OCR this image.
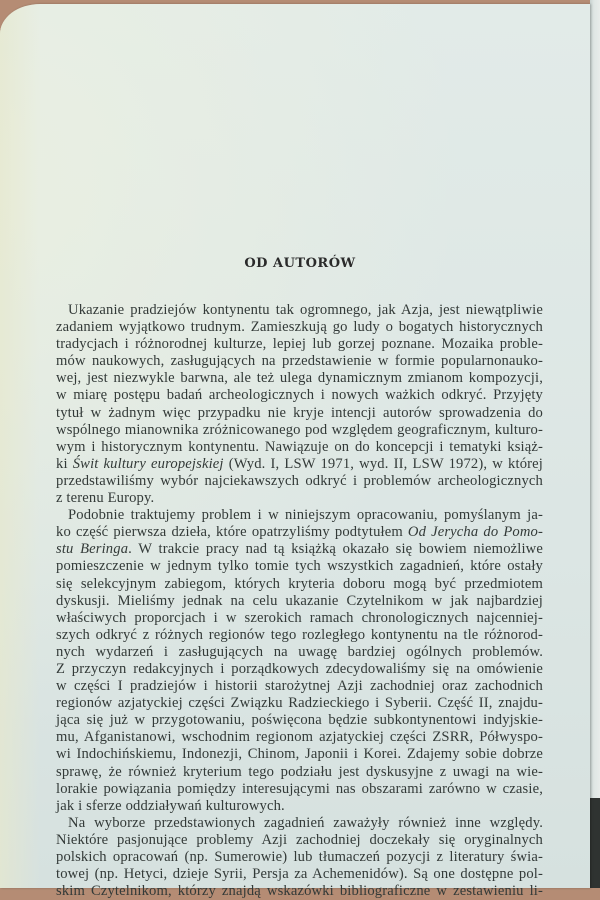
OD AUTORÓW
Ukazanie pradziejów kontynentu tak ogromnego, jak Azja, jest niewątpliwie
zadaniem wyjątkowo trudnym. Zamieszkują go ludy o bogatych historycznych
tradycjach i różnorodnej kulturze, lepiej lub gorzej poznane. Mozaika proble-
mów naukowych, zasługujących na przedstawienie w formie popularnonauko-
wej, jest niezwykle barwna, ale też ulega dynamicznym zmianom kompozycji,
w miarę postępu badań archeologicznych i nowych ważkich odkryć. Przyjęty
tytuł w żadnym więc przypadku nie kryje intencji autorów sprowadzenia do
wspólnego mianownika zróżnicowanego pod względem geograficznym, kulturo-
wym i historycznym kontynentu. Nawiązuje on do koncepcji i tematyki książ-
ki Świt kultury europejskiej (Wyd. I, LSW 1971, wyd. II, LSW 1972), w której
przedstawiliśmy wybór najciekawszych odkryć i problemów archeologicznych
z terenu Europy.
Podobnie traktujemy problem i w niniejszym opracowaniu, pomyślanym ja-
ko część pierwsza dzieła, które opatrzyliśmy podtytułem Od Jerycha do Pomo-
stu Beringa. W trakcie pracy nad tą książką okazało się bowiem niemożliwe
pomieszczenie w jednym tylko tomie tych wszystkich zagadnień, które ostały
się selekcyjnym zabiegom, których kryteria doboru mogą być przedmiotem
dyskusji. Mieliśmy jednak na celu ukazanie Czytelnikom w jak najbardziej
właściwych proporcjach i w szerokich ramach chronologicznych najcenniej-
szych odkryć z różnych regionów tego rozległego kontynentu na tle różnorod-
nych wydarzeń i zasługujących na uwagę bardziej ogólnych problemów.
Z przyczyn redakcyjnych i porządkowych zdecydowaliśmy się na omówienie
w części I pradziejów i historii starożytnej Azji zachodniej oraz zachodnich
regionów azjatyckiej części Związku Radzieckiego i Syberii. Część II, znajdu-
jąca się już w przygotowaniu, poświęcona będzie subkontynentowi indyjskie-
mu, Afganistanowi, wschodnim regionom azjatyckiej części ZSRR, Półwyspo-
wi Indochińskiemu, Indonezji, Chinom, Japonii i Korei. Zdajemy sobie dobrze
sprawę, że również kryterium tego podziału jest dyskusyjne z uwagi na wie-
lorakie powiązania pomiędzy interesującymi nas obszarami zarówno w czasie,
jak i sferze oddziaływań kulturowych.
Na wyborze przedstawionych zagadnień zaważyły również inne względy.
Niektóre pasjonujące problemy Azji zachodniej doczekały się oryginalnych
polskich opracowań (np. Sumerowie) lub tłumaczeń pozycji z literatury świa-
towej (np. Hetyci, dzieje Syrii, Persja za Achemenidów). Są one dostępne pol-
skim Czytelnikom, którzy znajdą wskazówki bibliograficzne w zestawieniu li-
